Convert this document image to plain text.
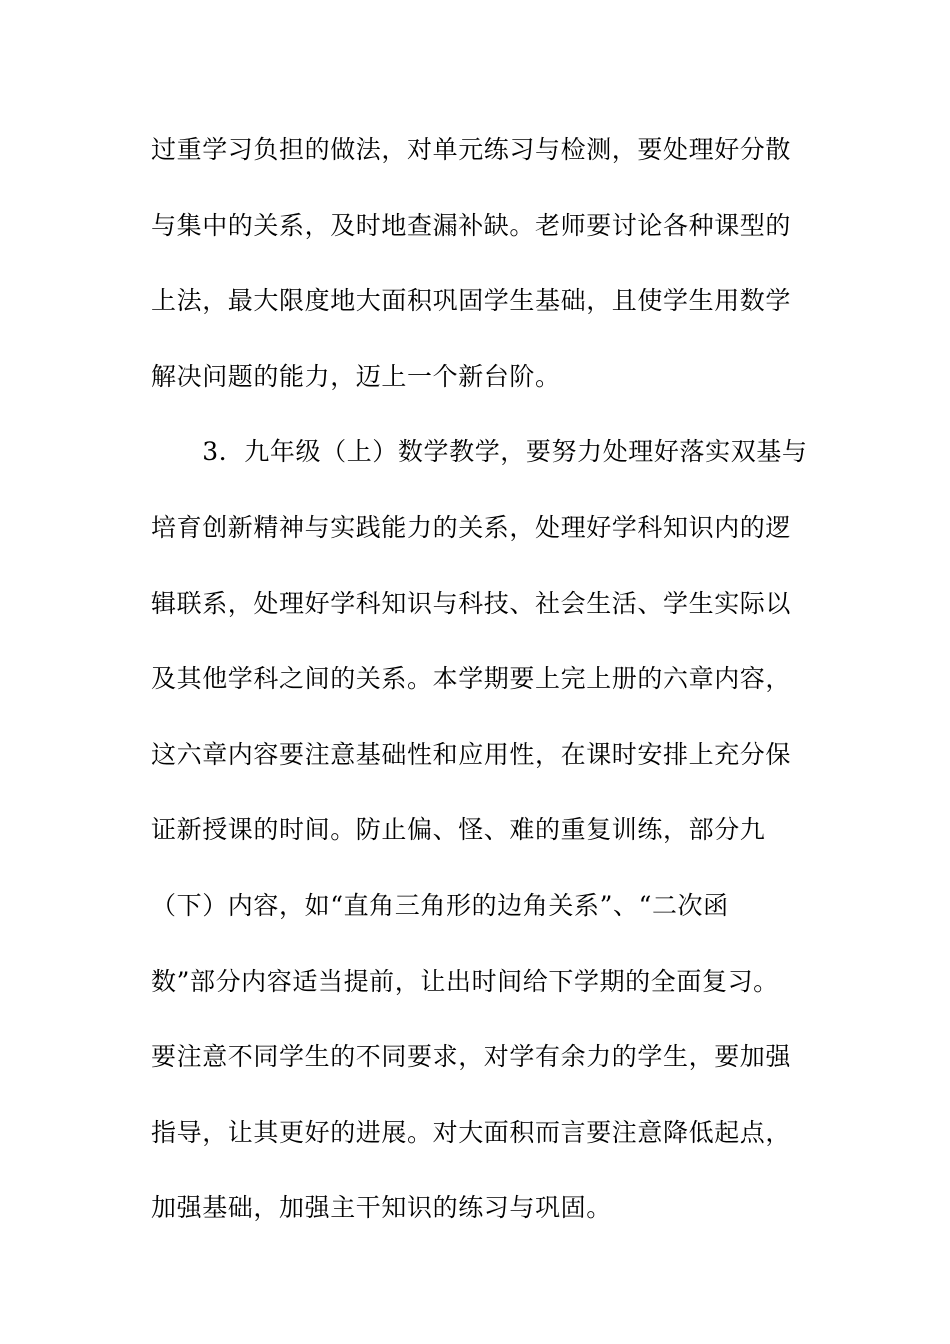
过重学习负担的做法，对单元练习与检测，要处理好分散
与集中的关系，及时地查漏补缺。老师要讨论各种课型的
上法，最大限度地大面积巩固学生基础，且使学生用数学
解决问题的能力，迈上一个新台阶。
　　3．九年级（上）数学教学，要努力处理好落实双基与
培育创新精神与实践能力的关系，处理好学科知识内的逻
辑联系，处理好学科知识与科技、社会生活、学生实际以
及其他学科之间的关系。本学期要上完上册的六章内容，
这六章内容要注意基础性和应用性，在课时安排上充分保
证新授课的时间。防止偏、怪、难的重复训练，部分九
（下）内容，如“直角三角形的边角关系”、“二次函
数”部分内容适当提前，让出时间给下学期的全面复习。
要注意不同学生的不同要求，对学有余力的学生，要加强
指导，让其更好的进展。对大面积而言要注意降低起点，
加强基础，加强主干知识的练习与巩固。
